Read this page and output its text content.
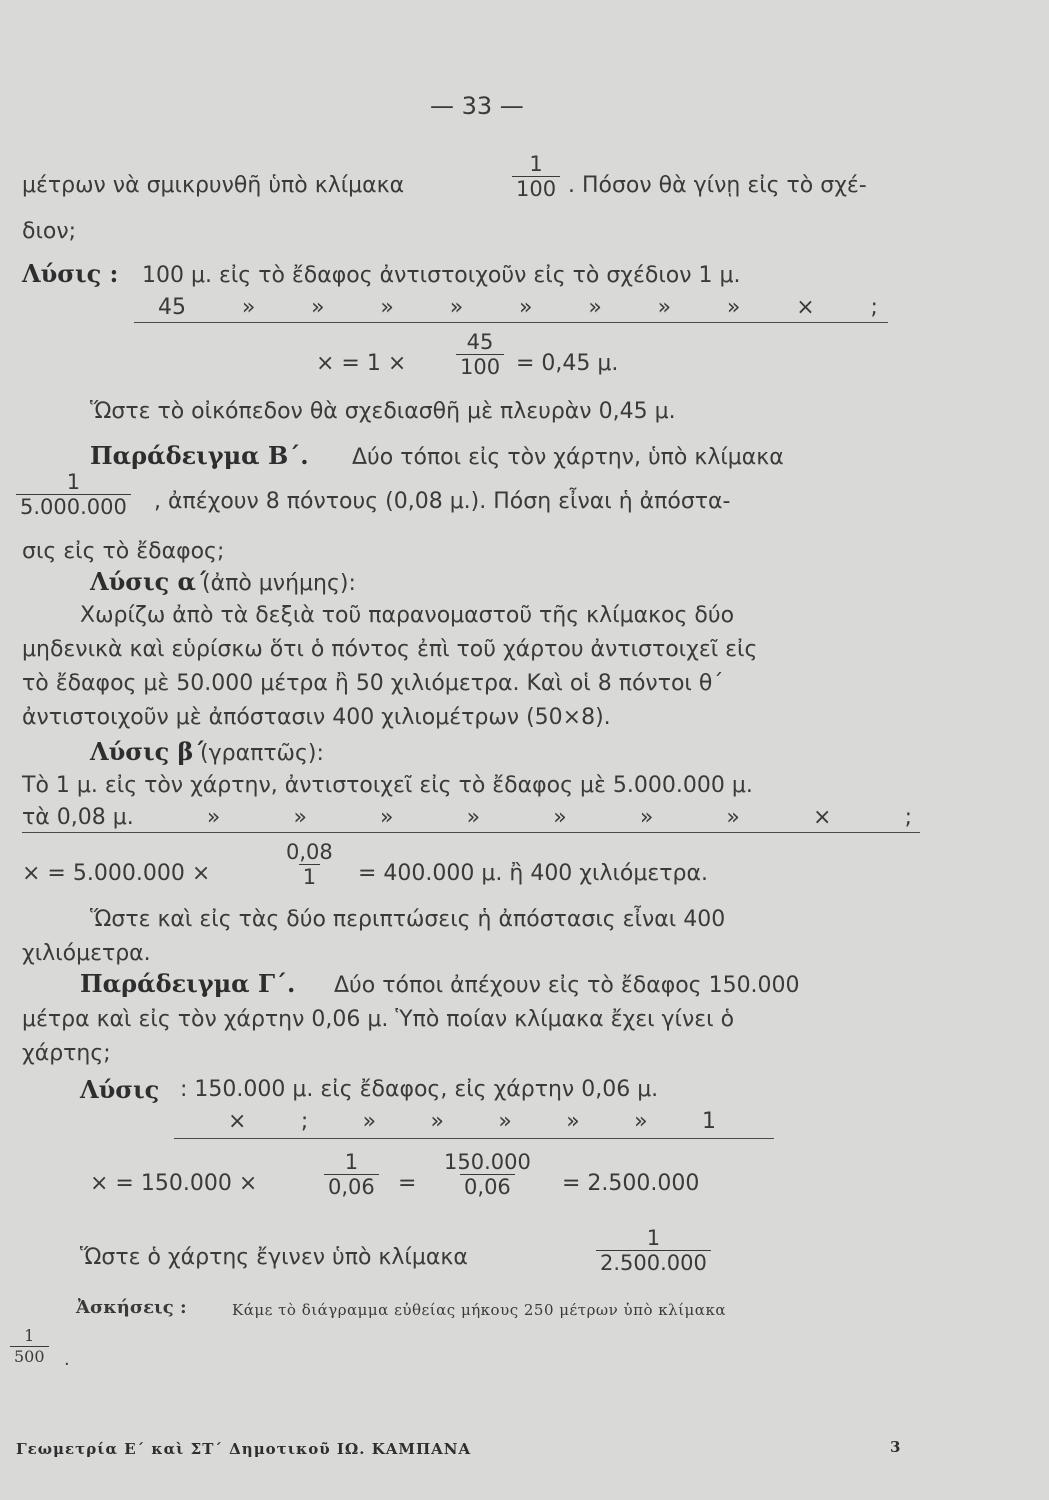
— 33 —
μέτρων νὰ σμικρυνθῆ ὑπὸ κλίμακα	$\frac{1}{100}$ . Πόσον θὰ γίνῃ εἰς τὸ σχέ-
διον;
Λύσις : 100 μ. εἰς τὸ ἔδαφος ἀντιστοιχοῦν εἰς τὸ σχέδιον 1 μ.
45	»	»	»	»	»	»	»	»	×	;
× = $1 \times \frac{45}{100} = 0,45$ μ.
Ὥστε τὸ οἰκόπεδον θὰ σχεδιασθῆ μὲ πλευρὰν 0,45 μ.
Παράδειγμα Β΄. Δύο τόποι εἰς τὸν χάρτην, ὑπὸ κλίμακα
$\frac{1}{5.000.000}$ , ἀπέχουν 8 πόντους (0,08 μ.). Πόση εἶναι ἡ ἀπόστα-
σις εἰς τὸ ἔδαφος;
Λύσις α΄
(ἀπὸ μνήμης):
Χωρίζω ἀπὸ τὰ δεξιὰ τοῦ παρανομαστοῦ τῆς κλίμακος δύο
μηδενικὰ καὶ εὑρίσκω ὅτι ὁ πόντος ἐπὶ τοῦ χάρτου ἀντιστοιχεῖ εἰς
τὸ ἔδαφος μὲ 50.000 μέτρα ἢ 50 χιλιόμετρα. Καὶ οἱ 8 πόντοι θ΄
ἀντιστοιχοῦν μὲ ἀπόστασιν 400 χιλιομέτρων (50×8).
Λύσις β΄
(γραπτῶς):
Τὸ 1 μ. εἰς τὸν χάρτην, ἀντιστοιχεῖ εἰς τὸ ἔδαφος μὲ 5.000.000 μ.
τὰ 0,08 μ.	»	»	»	»	»	»	»	×	;
× = 5.000.000 ×	$\frac{0,08}{1} = 400.000$ μ. ἢ 400 χιλιόμετρα.
Ὥστε καὶ εἰς τὰς δύο περιπτώσεις ἡ ἀπόστασις εἶναι 400
χιλιόμετρα.
Παράδειγμα Γ΄. Δύο τόποι ἀπέχουν εἰς τὸ ἔδαφος 150.000
μέτρα καὶ εἰς τὸν χάρτην 0,06 μ. Ὑπὸ ποίαν κλίμακα ἔχει γίνει ὁ
χάρτης;
Λύσις : 150.000 μ. εἰς ἔδαφος, εἰς χάρτην 0,06 μ.
× ; » » » » » 1
× = 150.000 ×	$\frac{1}{0,06} = \frac{150.000}{0,06} = 2.500.000$
Ὥστε ὁ χάρτης ἔγινεν ὑπὸ κλίμακα	$\frac{1}{2.500.000}$
Ἀσκήσεις :	Κάμε τὸ διάγραμμα εὐθείας μήκους 250 μέτρων ὑπὸ κλίμακα
$\frac{1}{500}$ .
Γεωμετρία Ε΄ καὶ ΣΤ΄ Δημοτικοῦ ΙΩ. ΚΑΜΠΑΝΑ	3
